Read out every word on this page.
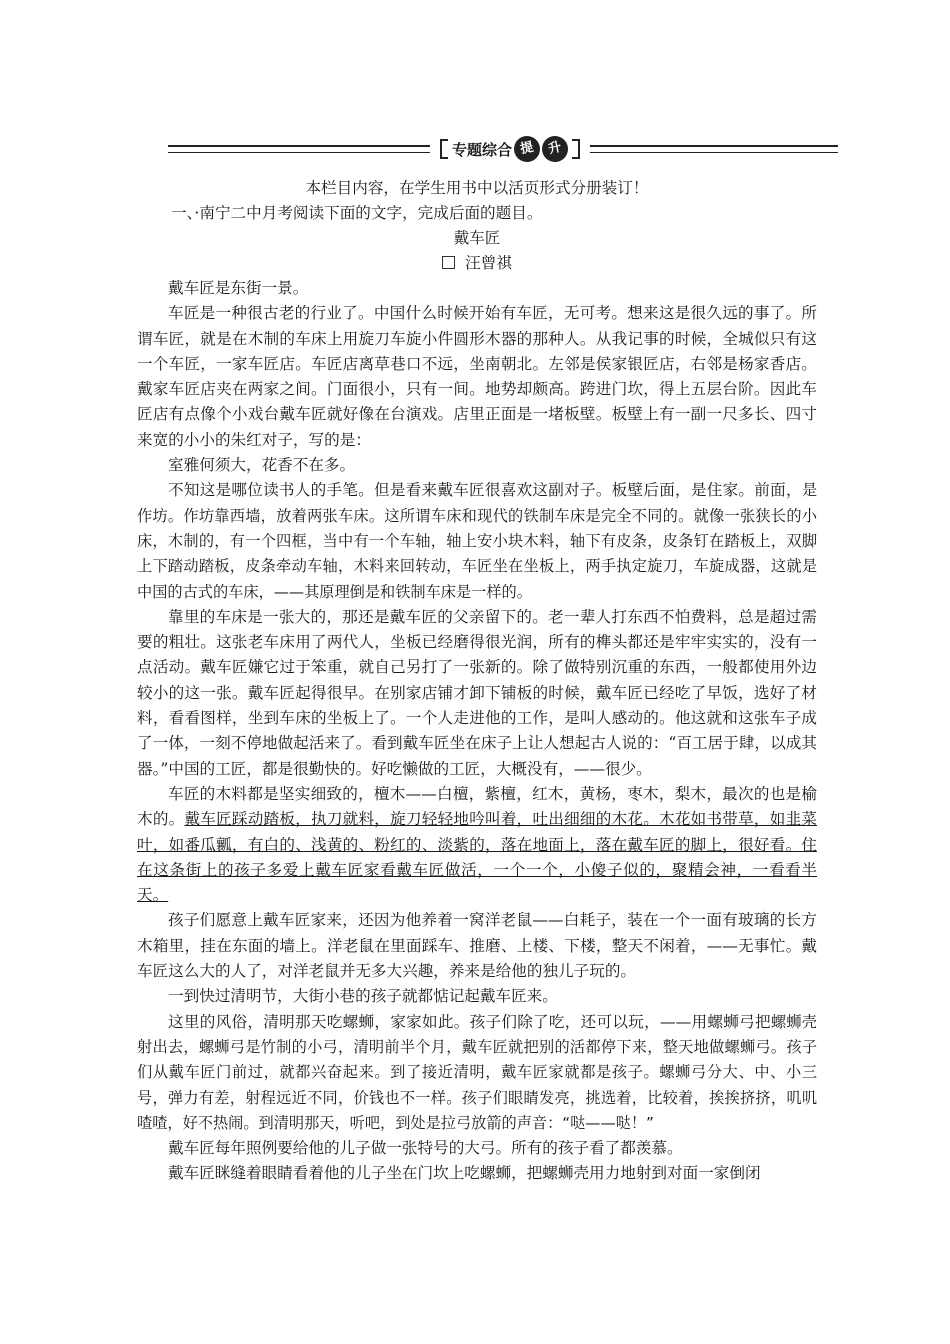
专题综合 提 升
本栏目内容，在学生用书中以活页形式分册装订！
一、·南宁二中月考阅读下面的文字，完成后面的题目。
戴车匠
汪曾祺

戴车匠是东街一景。

车匠是一种很古老的行业了。中国什么时候开始有车匠，无可考。想来这是很久远的事了。所谓车匠，就是在木制的车床上用旋刀车旋小件圆形木器的那种人。从我记事的时候，全城似只有这一个车匠，一家车匠店。车匠店离草巷口不远，坐南朝北。左邻是侯家银匠店，右邻是杨家香店。戴家车匠店夹在两家之间。门面很小，只有一间。地势却颇高。跨进门坎，得上五层台阶。因此车匠店有点像个小戏台戴车匠就好像在台演戏。店里正面是一堵板壁。板壁上有一副一尺多长、四寸来宽的小小的朱红对子，写的是：

室雅何须大，花香不在多。

不知这是哪位读书人的手笔。但是看来戴车匠很喜欢这副对子。板壁后面，是住家。前面，是作坊。作坊靠西墙，放着两张车床。这所谓车床和现代的铁制车床是完全不同的。就像一张狭长的小床，木制的，有一个四框，当中有一个车轴，轴上安小块木料，轴下有皮条，皮条钉在踏板上，双脚上下踏动踏板，皮条牵动车轴，木料来回转动，车匠坐在坐板上，两手执定旋刀，车旋成器，这就是中国的古式的车床，——其原理倒是和铁制车床是一样的。

靠里的车床是一张大的，那还是戴车匠的父亲留下的。老一辈人打东西不怕费料，总是超过需要的粗壮。这张老车床用了两代人，坐板已经磨得很光润，所有的榫头都还是牢牢实实的，没有一点活动。戴车匠嫌它过于笨重，就自己另打了一张新的。除了做特别沉重的东西，一般都使用外边较小的这一张。戴车匠起得很早。在别家店铺才卸下铺板的时候，戴车匠已经吃了早饭，选好了材料，看看图样，坐到车床的坐板上了。一个人走进他的工作，是叫人感动的。他这就和这张车子成了一体，一刻不停地做起活来了。看到戴车匠坐在床子上让人想起古人说的：“百工居于肆，以成其器。”中国的工匠，都是很勤快的。好吃懒做的工匠，大概没有，——很少。

车匠的木料都是坚实细致的，檀木——白檀，紫檀，红木，黄杨，枣木，梨木，最次的也是榆木的。戴车匠踩动踏板，执刀就料，旋刀轻轻地吟叫着，吐出细细的木花。木花如书带草，如韭菜叶，如番瓜瓤，有白的、浅黄的、粉红的、淡紫的，落在地面上，落在戴车匠的脚上，很好看。住在这条街上的孩子多爱上戴车匠家看戴车匠做活，一个一个，小傻子似的，聚精会神，一看看半天。

孩子们愿意上戴车匠家来，还因为他养着一窝洋老鼠——白耗子，装在一个一面有玻璃的长方木箱里，挂在东面的墙上。洋老鼠在里面踩车、推磨、上楼、下楼，整天不闲着，——无事忙。戴车匠这么大的人了，对洋老鼠并无多大兴趣，养来是给他的独儿子玩的。

一到快过清明节，大街小巷的孩子就都惦记起戴车匠来。

这里的风俗，清明那天吃螺蛳，家家如此。孩子们除了吃，还可以玩，——用螺蛳弓把螺蛳壳射出去，螺蛳弓是竹制的小弓，清明前半个月，戴车匠就把别的活都停下来，整天地做螺蛳弓。孩子们从戴车匠门前过，就都兴奋起来。到了接近清明，戴车匠家就都是孩子。螺蛳弓分大、中、小三号，弹力有差，射程远近不同，价钱也不一样。孩子们眼睛发亮，挑选着，比较着，挨挨挤挤，叽叽喳喳，好不热闹。到清明那天，听吧，到处是拉弓放箭的声音：“哒——哒！”

戴车匠每年照例要给他的儿子做一张特号的大弓。所有的孩子看了都羡慕。

戴车匠眯缝着眼睛看着他的儿子坐在门坎上吃螺蛳，把螺蛳壳用力地射到对面一家倒闭
